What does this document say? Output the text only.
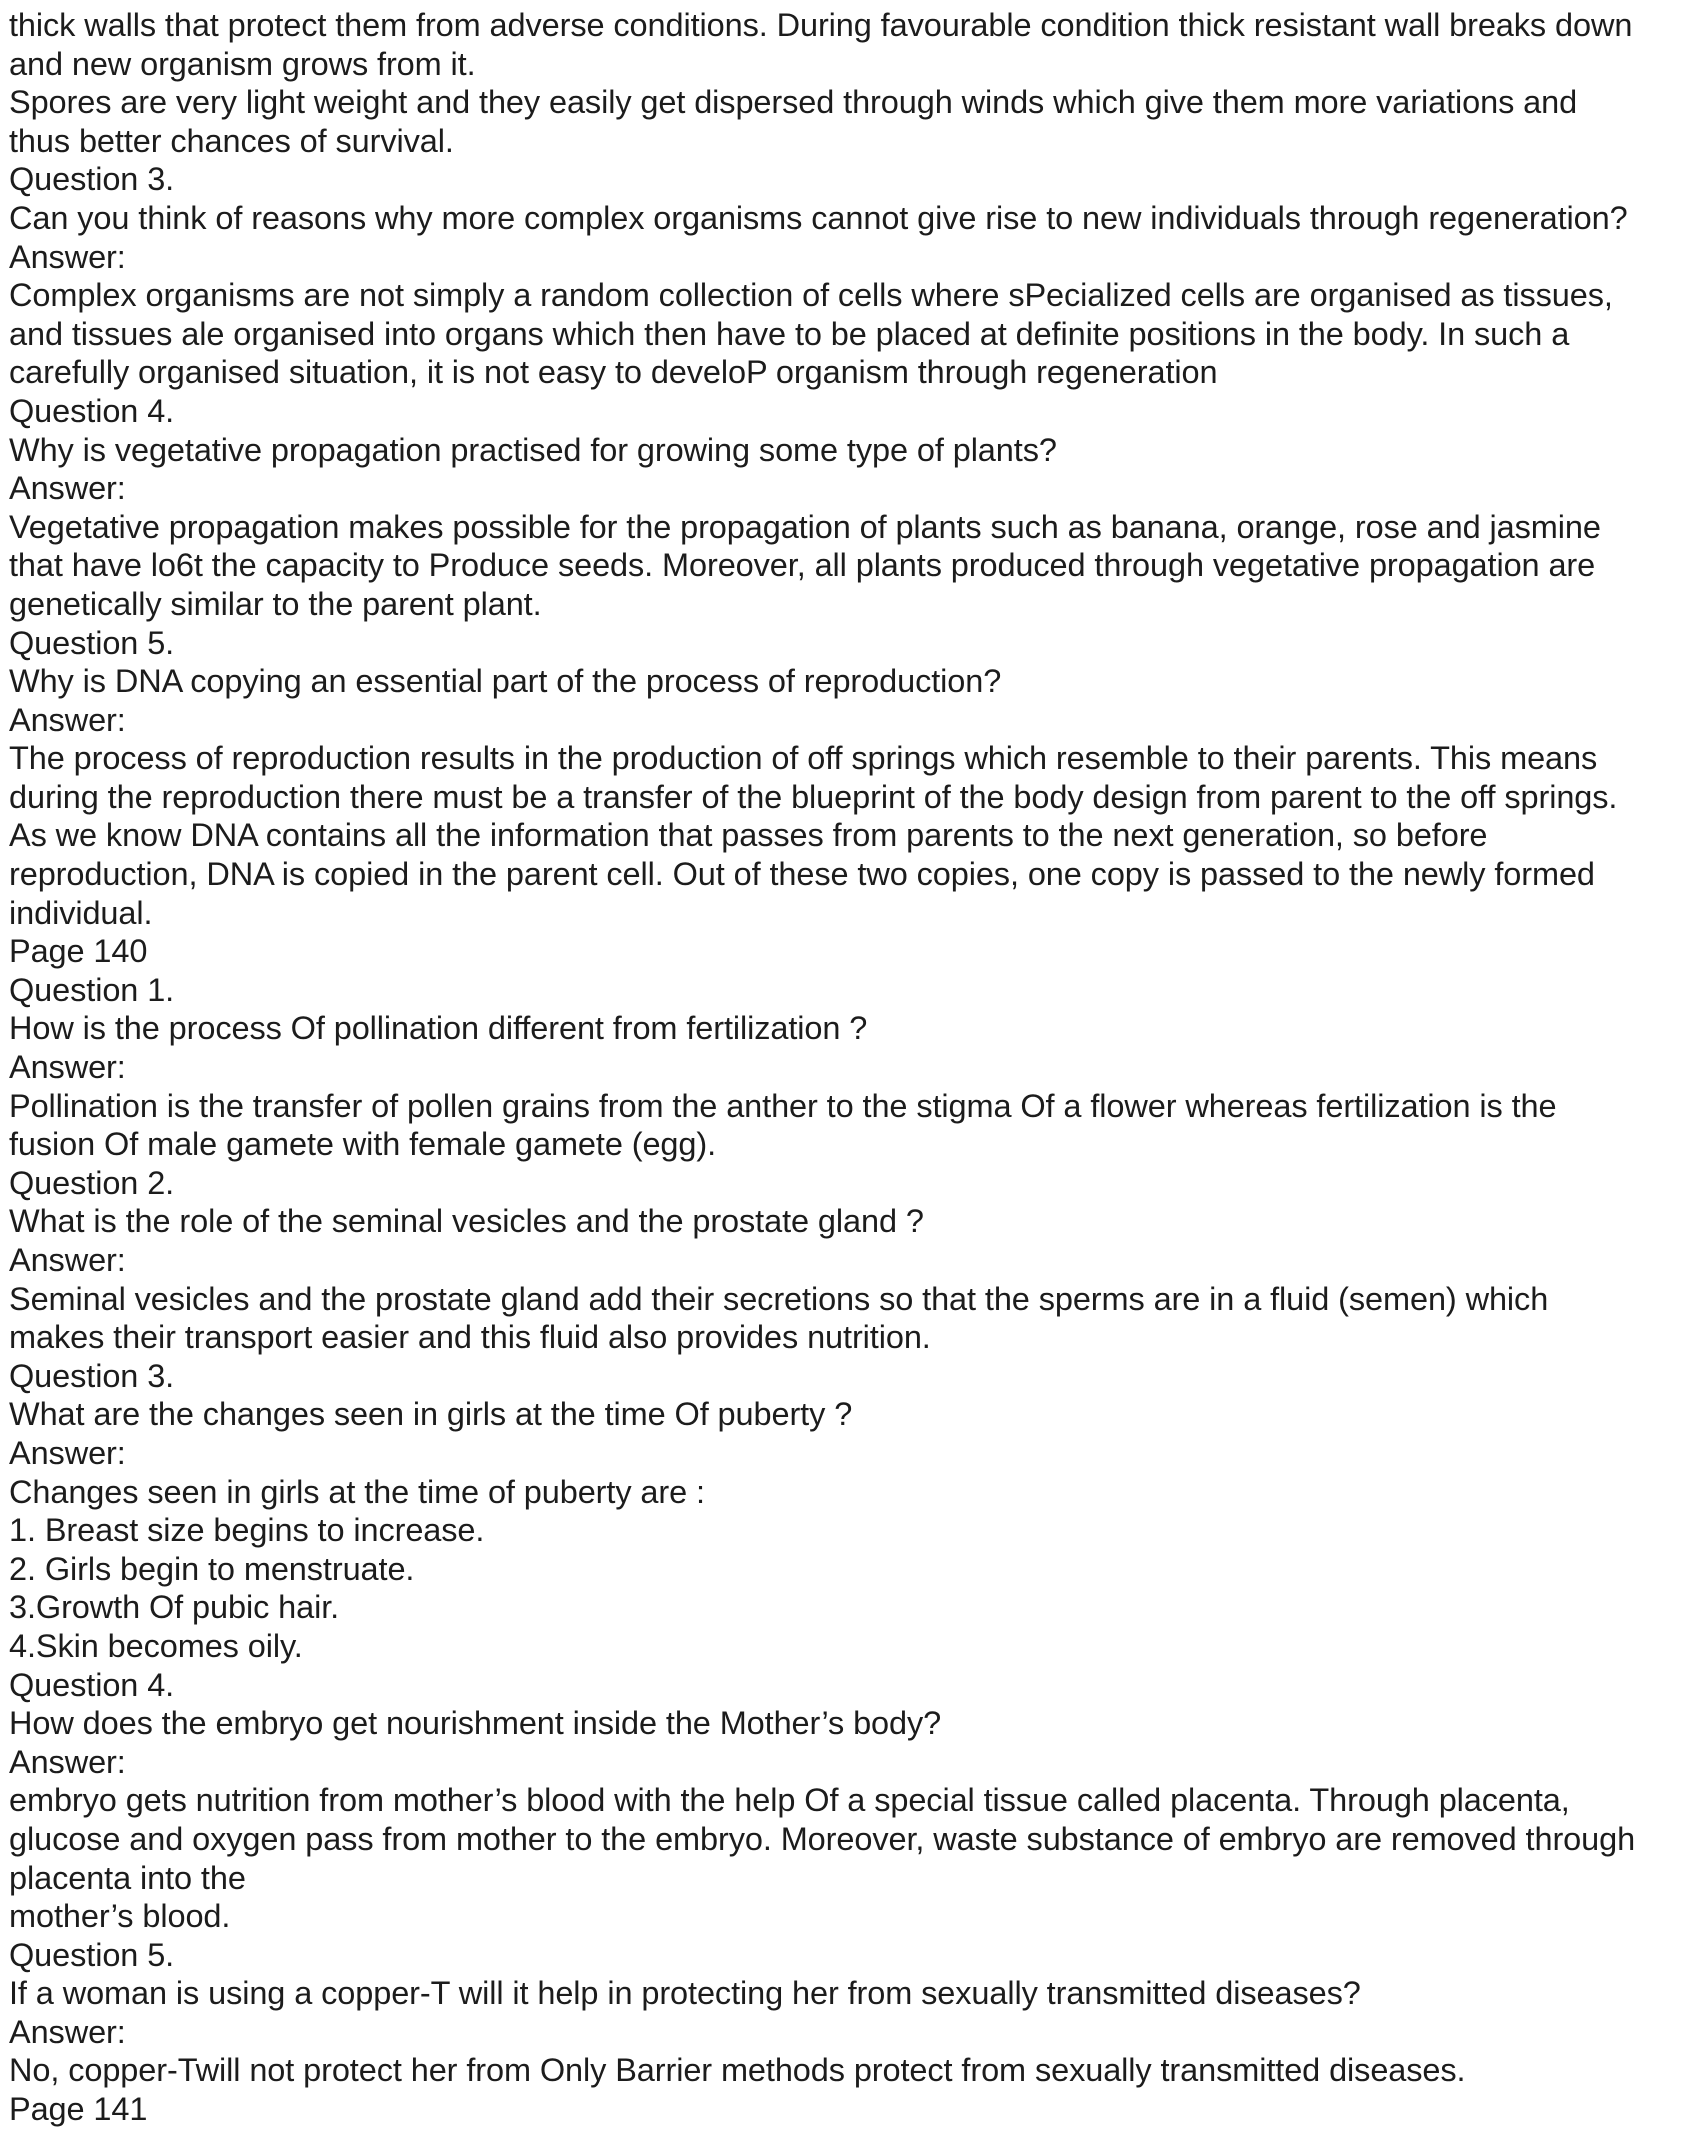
thick walls that protect them from adverse conditions. During favourable condition thick resistant wall breaks down
and new organism grows from it.
Spores are very light weight and they easily get dispersed through winds which give them more variations and
thus better chances of survival.
Question 3.
Can you think of reasons why more complex organisms cannot give rise to new individuals through regeneration?
Answer:
Complex organisms are not simply a random collection of cells where sPecialized cells are organised as tissues,
and tissues ale organised into organs which then have to be placed at definite positions in the body. In such a
carefully organised situation, it is not easy to develoP organism through regeneration
Question 4.
Why is vegetative propagation practised for growing some type of plants?
Answer:
Vegetative propagation makes possible for the propagation of plants such as banana, orange, rose and jasmine
that have lo6t the capacity to Produce seeds. Moreover, all plants produced through vegetative propagation are
genetically similar to the parent plant.
Question 5.
Why is DNA copying an essential part of the process of reproduction?
Answer:
The process of reproduction results in the production of off springs which resemble to their parents. This means
during the reproduction there must be a transfer of the blueprint of the body design from parent to the off springs.
As we know DNA contains all the information that passes from parents to the next generation, so before
reproduction, DNA is copied in the parent cell. Out of these two copies, one copy is passed to the newly formed
individual.
Page 140
Question 1.
How is the process Of pollination different from fertilization ?
Answer:
Pollination is the transfer of pollen grains from the anther to the stigma Of a flower whereas fertilization is the
fusion Of male gamete with female gamete (egg).
Question 2.
What is the role of the seminal vesicles and the prostate gland ?
Answer:
Seminal vesicles and the prostate gland add their secretions so that the sperms are in a fluid (semen) which
makes their transport easier and this fluid also provides nutrition.
Question 3.
What are the changes seen in girls at the time Of puberty ?
Answer:
Changes seen in girls at the time of puberty are :
1. Breast size begins to increase.
2. Girls begin to menstruate.
3.Growth Of pubic hair.
4.Skin becomes oily.
Question 4.
How does the embryo get nourishment inside the Mother’s body?
Answer:
embryo gets nutrition from mother’s blood with the help Of a special tissue called placenta. Through placenta,
glucose and oxygen pass from mother to the embryo. Moreover, waste substance of embryo are removed through
placenta into the
mother’s blood.
Question 5.
If a woman is using a copper-T will it help in protecting her from sexually transmitted diseases?
Answer:
No, copper-Twill not protect her from Only Barrier methods protect from sexually transmitted diseases.
Page 141
